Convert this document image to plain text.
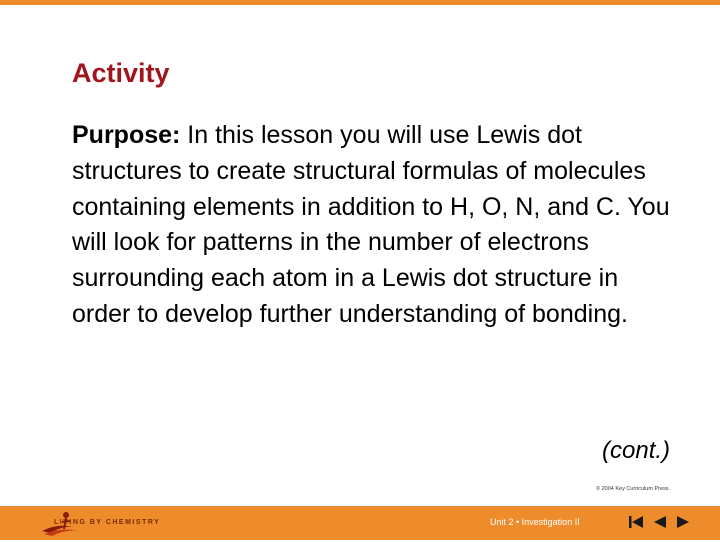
Activity

Purpose: In this lesson you will use Lewis dot structures to create structural formulas of molecules containing elements in addition to H, O, N, and C. You will look for patterns in the number of electrons surrounding each atom in a Lewis dot structure in order to develop further understanding of bonding.

(cont.)
© 2004 Key Curriculum Press.
LIVING BY CHEMISTRY	Unit 2 • Investigation II
